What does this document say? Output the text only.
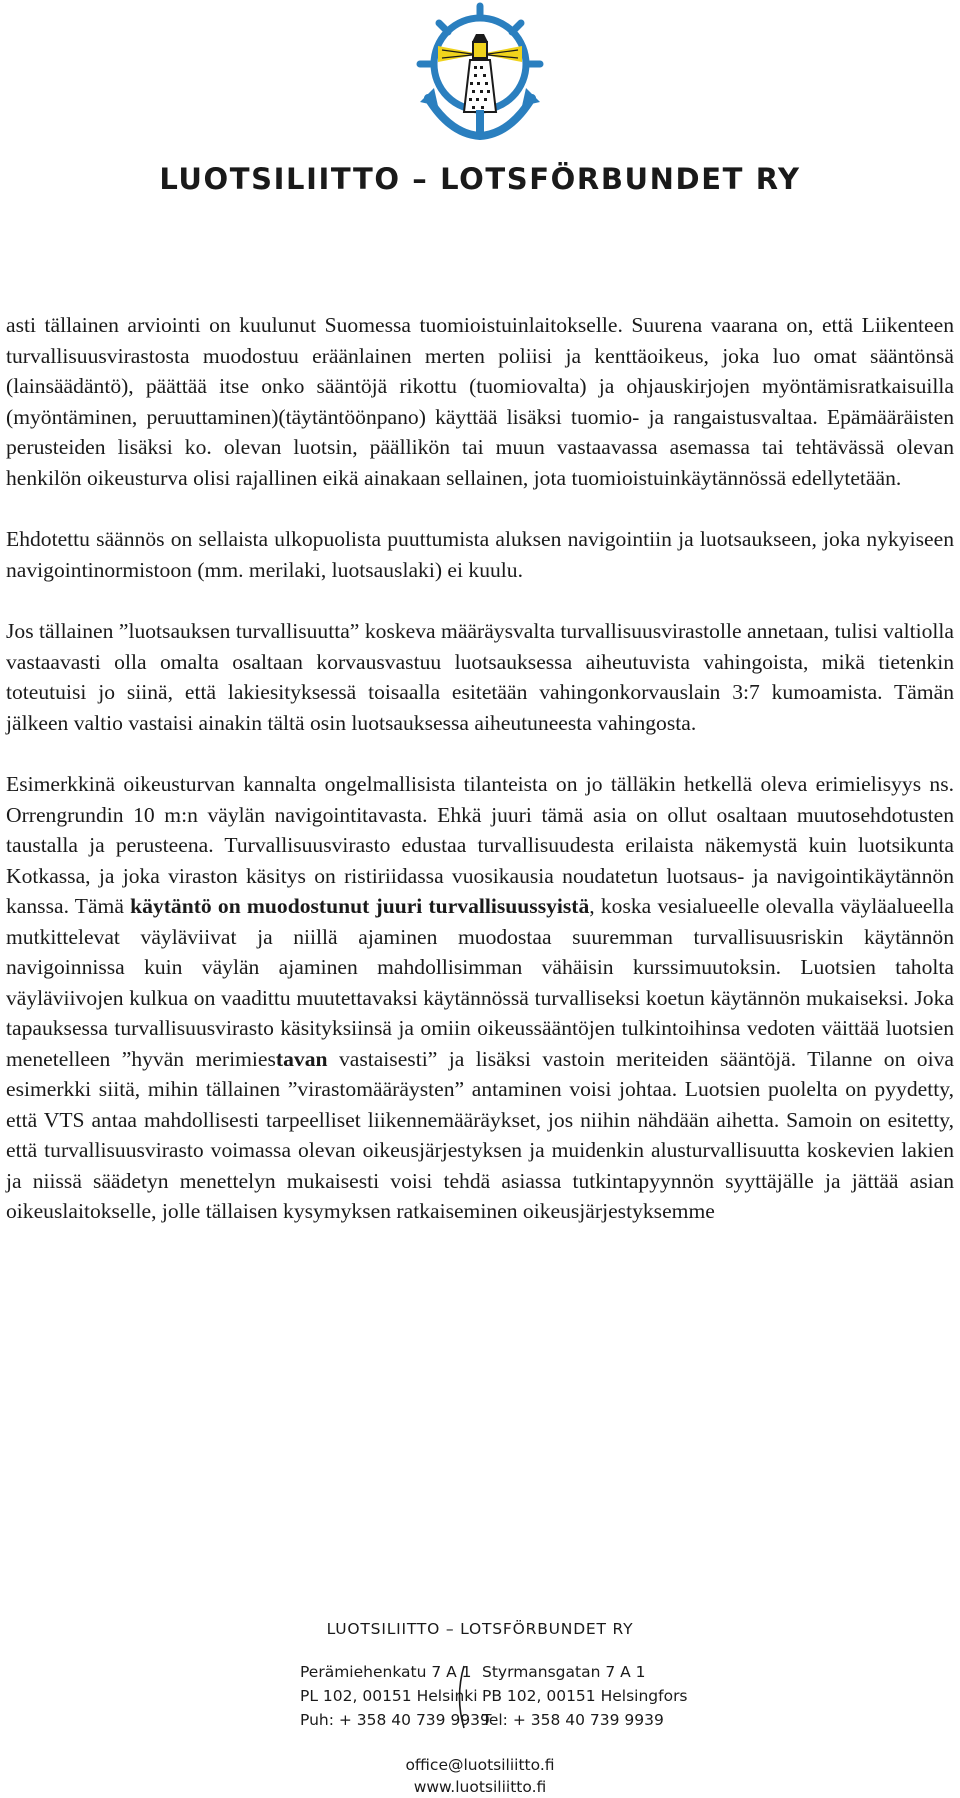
LUOTSILIITTO – LOTSFÖRBUNDET RY

asti tällainen arviointi on kuulunut Suomessa tuomioistuinlaitokselle. Suurena vaarana on, että Liikenteen turvallisuusvirastosta muodostuu eräänlainen merten poliisi ja kenttäoikeus, joka luo omat sääntönsä (lainsäädäntö), päättää itse onko sääntöjä rikottu (tuomiovalta) ja ohjauskirjojen myöntämisratkaisuilla (myöntäminen, peruuttaminen)(täytäntöönpano) käyttää lisäksi tuomio- ja rangaistusvaltaa. Epämääräisten perusteiden lisäksi ko. olevan luotsin, päällikön tai muun vastaavassa asemassa tai tehtävässä olevan henkilön oikeusturva olisi rajallinen eikä ainakaan sellainen, jota tuomioistuinkäytännössä edellytetään.

Ehdotettu säännös on sellaista ulkopuolista puuttumista aluksen navigointiin ja luotsaukseen, joka nykyiseen navigointinormistoon (mm. merilaki, luotsauslaki) ei kuulu.

Jos tällainen ”luotsauksen turvallisuutta” koskeva määräysvalta turvallisuusvirastolle annetaan, tulisi valtiolla vastaavasti olla omalta osaltaan korvausvastuu luotsauksessa aiheutuvista vahingoista, mikä tietenkin toteutuisi jo siinä, että lakiesityksessä toisaalla esitetään vahingonkorvauslain 3:7 kumoamista. Tämän jälkeen valtio vastaisi ainakin tältä osin luotsauksessa aiheutuneesta vahingosta.

Esimerkkinä oikeusturvan kannalta ongelmallisista tilanteista on jo tälläkin hetkellä oleva erimielisyys ns. Orrengrundin 10 m:n väylän navigointitavasta. Ehkä juuri tämä asia on ollut osaltaan muutosehdotusten taustalla ja perusteena. Turvallisuusvirasto edustaa turvallisuudesta erilaista näkemystä kuin luotsikunta Kotkassa, ja joka viraston käsitys on ristiriidassa vuosikausia noudatetun luotsaus- ja navigointikäytännön kanssa. Tämä käytäntö on muodostunut juuri turvallisuussyistä, koska vesialueelle olevalla väyläalueella mutkittelevat väyläviivat ja niillä ajaminen muodostaa suuremman turvallisuusriskin käytännön navigoinnissa kuin väylän ajaminen mahdollisimman vähäisin kurssimuutoksin. Luotsien taholta väyläviivojen kulkua on vaadittu muutettavaksi käytännössä turvalliseksi koetun käytännön mukaiseksi. Joka tapauksessa turvallisuusvirasto käsityksiinsä ja omiin oikeussääntöjen tulkintoihinsa vedoten väittää luotsien menetelleen ”hyvän merimiestavan vastaisesti” ja lisäksi vastoin meriteiden sääntöjä. Tilanne on oiva esimerkki siitä, mihin tällainen ”virastomääräysten” antaminen voisi johtaa. Luotsien puolelta on pyydetty, että VTS antaa mahdollisesti tarpeelliset liikennemääräykset, jos niihin nähdään aihetta. Samoin on esitetty, että turvallisuusvirasto voimassa olevan oikeusjärjestyksen ja muidenkin alusturvallisuutta koskevien lakien ja niissä säädetyn menettelyn mukaisesti voisi tehdä asiassa tutkintapyynnön syyttäjälle ja jättää asian oikeuslaitokselle, jolle tällaisen kysymyksen ratkaiseminen oikeusjärjestyksemme

LUOTSILIITTO – LOTSFÖRBUNDET RY
Perämiehenkatu 7 A 1
PL 102, 00151 Helsinki
Puh: + 358 40 739 9939
Styrmansgatan 7 A 1
PB 102, 00151 Helsingfors
Tel: + 358 40 739 9939
office@luotsiliitto.fi
www.luotsiliitto.fi
